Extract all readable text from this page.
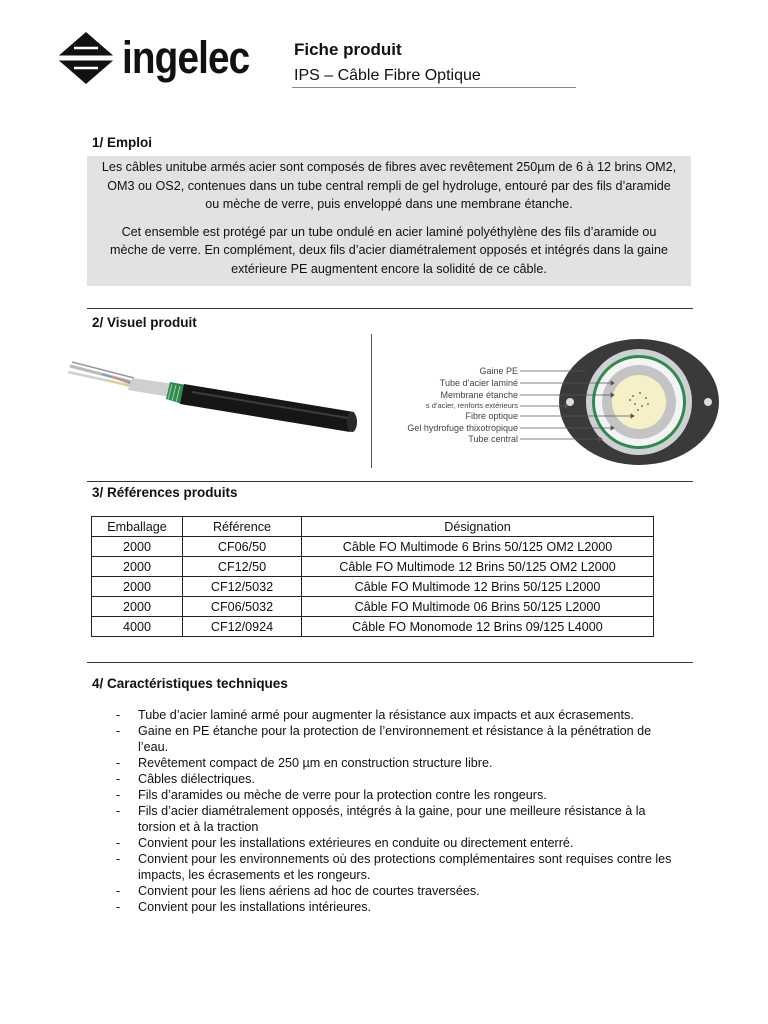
ingelec	Fiche produit
IPS – Câble Fibre Optique
1/ Emploi

Les câbles unitube armés acier sont composés de fibres avec revêtement 250µm de 6 à 12 brins OM2, OM3 ou OS2, contenues dans un tube central rempli de gel hydroluge, entouré par des fils d’aramide ou mèche de verre, puis enveloppé dans une membrane étanche.

Cet ensemble est protégé par un tube ondulé en acier laminé polyéthylène des fils d’aramide ou mèche de verre. En complément, deux fils d’acier diamétralement opposés et intégrés dans la gaine extérieure PE augmentent encore la solidité de ce câble.

2/ Visuel produit
Gaine PE
Tube d’acier laminé
Membrane étanche
s d’acier, renforts extérieurs
Fibre optique
Gel hydrofuge thixotropique
Tube central
3/ Références produits
Emballage	Référence	Désignation
2000	CF06/50	Câble FO Multimode 6 Brins 50/125 OM2 L2000
2000	CF12/50	Câble FO Multimode 12 Brins 50/125 OM2 L2000
2000	CF12/5032	Câble FO Multimode 12 Brins 50/125 L2000
2000	CF06/5032	Câble FO Multimode 06 Brins 50/125 L2000
4000	CF12/0924	Câble FO Monomode 12 Brins 09/125 L4000
4/ Caractéristiques techniques
- Tube d’acier laminé armé pour augmenter la résistance aux impacts et aux écrasements.
- Gaine en PE étanche pour la protection de l’environnement et résistance à la pénétration de l’eau.
- Revêtement compact de 250 µm en construction structure libre.
- Câbles diélectriques.
- Fils d’aramides ou mèche de verre pour la protection contre les rongeurs.
- Fils d’acier diamétralement opposés, intégrés à la gaine, pour une meilleure résistance à la torsion et à la traction
- Convient pour les installations extérieures en conduite ou directement enterré.
- Convient pour les environnements où des protections complémentaires sont requises contre les impacts, les écrasements et les rongeurs.
- Convient pour les liens aériens ad hoc de courtes traversées.
- Convient pour les installations intérieures.
